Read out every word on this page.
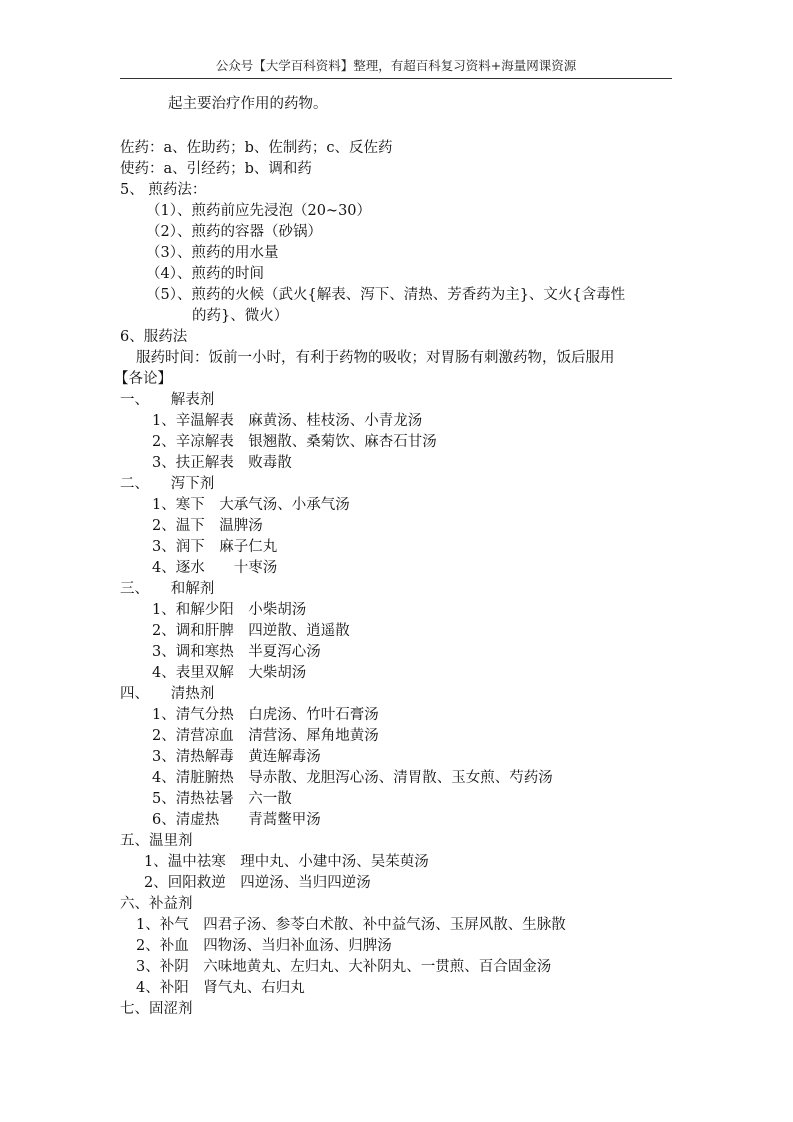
公众号【大学百科资料】整理，有超百科复习资料+海量网课资源
起主要治疗作用的药物。
佐药：a、佐助药；b、佐制药；c、反佐药
使药：a、引经药；b、调和药
5、 煎药法：
（1）、煎药前应先浸泡（20~30）
（2）、煎药的容器（砂锅）
（3）、煎药的用水量
（4）、煎药的时间
（5）、煎药的火候（武火{解表、泻下、清热、芳香药为主}、文火{含毒性
的药}、微火）
6、服药法
服药时间：饭前一小时，有利于药物的吸收；对胃肠有刺激药物，饭后服用
【各论】
一、　　解表剂
1、辛温解表　麻黄汤、桂枝汤、小青龙汤
2、辛凉解表　银翘散、桑菊饮、麻杏石甘汤
3、扶正解表　败毒散
二、　　泻下剂
1、寒下　大承气汤、小承气汤
2、温下　温脾汤
3、润下　麻子仁丸
4、逐水　　十枣汤
三、　　和解剂
1、和解少阳　小柴胡汤
2、调和肝脾　四逆散、逍遥散
3、调和寒热　半夏泻心汤
4、表里双解　大柴胡汤
四、　　清热剂
1、清气分热　白虎汤、竹叶石膏汤
2、清营凉血　清营汤、犀角地黄汤
3、清热解毒　黄连解毒汤
4、清脏腑热　导赤散、龙胆泻心汤、清胃散、玉女煎、芍药汤
5、清热祛暑　六一散
6、清虚热　　青蒿鳖甲汤
五、温里剂
1、温中祛寒　理中丸、小建中汤、吴茱萸汤
2、回阳救逆　四逆汤、当归四逆汤
六、补益剂
1、补气　四君子汤、参苓白术散、补中益气汤、玉屏风散、生脉散
2、补血　四物汤、当归补血汤、归脾汤
3、补阴　六味地黄丸、左归丸、大补阴丸、一贯煎、百合固金汤
4、补阳　肾气丸、右归丸
七、固涩剂
